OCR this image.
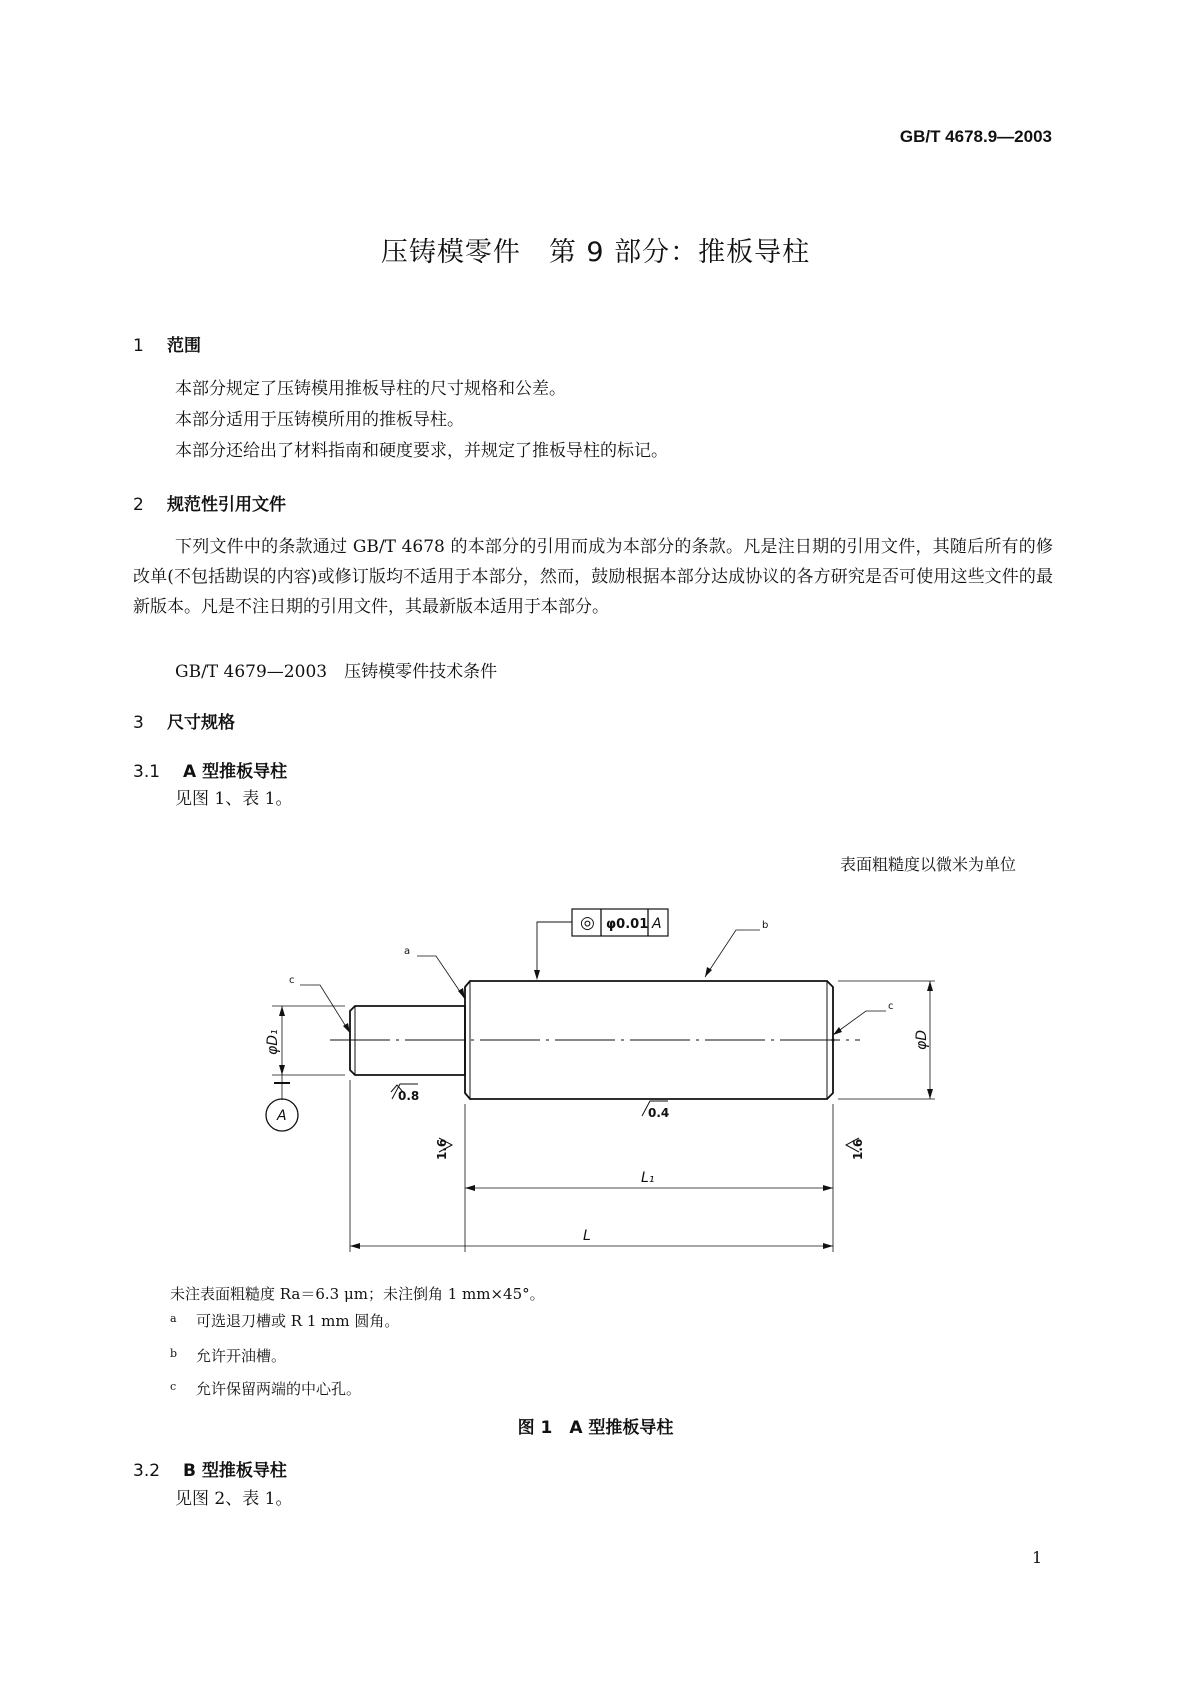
GB/T 4678.9—2003
压铸模零件　第 9 部分：推板导柱
1 范围
本部分规定了压铸模用推板导柱的尺寸规格和公差。
本部分适用于压铸模所用的推板导柱。
本部分还给出了材料指南和硬度要求，并规定了推板导柱的标记。
2 规范性引用文件
下列文件中的条款通过 GB/T 4678 的本部分的引用而成为本部分的条款。凡是注日期的引用文件，其随后所有的修改单(不包括勘误的内容)或修订版均不适用于本部分，然而，鼓励根据本部分达成协议的各方研究是否可使用这些文件的最新版本。凡是不注日期的引用文件，其最新版本适用于本部分。
GB/T 4679—2003　压铸模零件技术条件
3 尺寸规格
3.1 A 型推板导柱
见图 1、表 1。
表面粗糙度以微米为单位
◎ φ0.01 A
A
a
b
c
c
φD₁	φD
L₁
L
0.8
0.4
1.6	1.6
未注表面粗糙度 Ra＝6.3 μm；未注倒角 1 mm×45°。
$^a$ 可选退刀槽或 R 1 mm 圆角。
$^b$ 允许开油槽。
$^c$ 允许保留两端的中心孔。
图 1　A 型推板导柱
3.2 B 型推板导柱
见图 2、表 1。
1
